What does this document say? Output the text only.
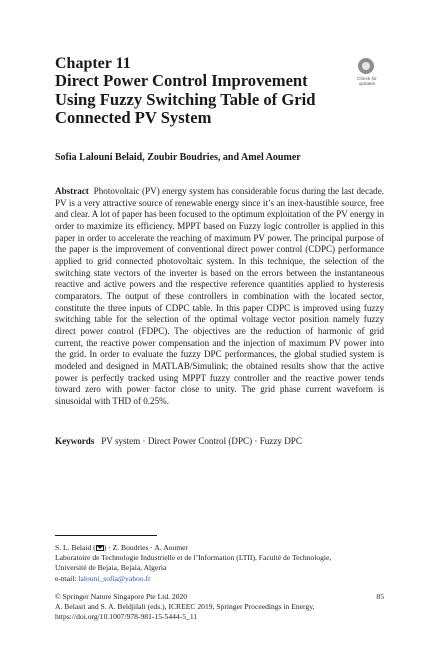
Chapter 11
Direct Power Control Improvement Using Fuzzy Switching Table of Grid Connected PV System
Check for
updates
Sofia Lalouni Belaid, Zoubir Boudries, and Amel Aoumer
Abstract Photovoltaic (PV) energy system has considerable focus during the last decade. PV is a very attractive source of renewable energy since it’s an inex-haustible source, free and clear. A lot of paper has been focused to the optimum exploitation of the PV energy in order to maximize its efficiency. MPPT based on Fuzzy logic controller is applied in this paper in order to accelerate the reaching of maximum PV power. The principal purpose of the paper is the improvement of conventional direct power control (CDPC) performance applied to grid connected photovoltaic system. In this technique, the selection of the switching state vectors of the inverter is based on the errors between the instantaneous reactive and active powers and the respective reference quantities applied to hysteresis comparators. The output of these controllers in combination with the located sector, constitute the three inputs of CDPC table. In this paper CDPC is improved using fuzzy switching table for the selection of the optimal voltage vector position namely fuzzy direct power control (FDPC). The objectives are the reduction of harmonic of grid current, the reactive power compensation and the injection of maximum PV power into the grid. In order to evaluate the fuzzy DPC performances, the global studied system is modeled and designed in MATLAB/Simulink; the obtained results show that the active power is perfectly tracked using MPPT fuzzy controller and the reactive power tends toward zero with power factor close to unity. The grid phase current waveform is sinusoidal with THD of 0.25%.
Keywords PV system · Direct Power Control (DPC) · Fuzzy DPC
S. L. Belaid ( ) · Z. Boudries · A. Aoumer
Laboratoire de Technologie Industrielle et de l’Information (LTII), Faculté de Technologie,
Université de Bejaia, Bejaia, Algeria
e-mail: lalouni_sofia@yahoo.fr
© Springer Nature Singapore Pte Ltd. 2020	85
A. Belasri and S. A. Beldjilali (eds.), ICREEC 2019, Springer Proceedings in Energy,
https://doi.org/10.1007/978-981-15-5444-5_11
